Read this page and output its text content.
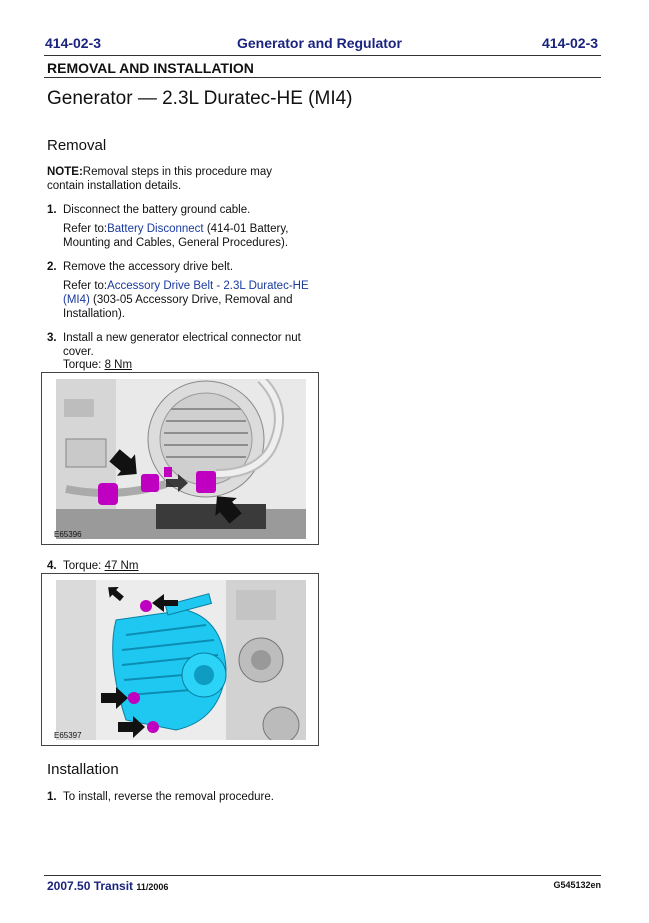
414-02-3	Generator and Regulator	414-02-3
REMOVAL AND INSTALLATION
Generator — 2.3L Duratec-HE (MI4)
Removal
NOTE:Removal steps in this procedure may contain installation details.
1. Disconnect the battery ground cable.
Refer to:Battery Disconnect (414-01 Battery, Mounting and Cables, General Procedures).
2. Remove the accessory drive belt.
Refer to:Accessory Drive Belt - 2.3L Duratec-HE (MI4) (303-05 Accessory Drive, Removal and Installation).
3. Install a new generator electrical connector nut cover.
Torque: 8 Nm
E65396
4. Torque: 47 Nm
E65397
Installation
1. To install, reverse the removal procedure.
2007.50 Transit 11/2006	G545132en
